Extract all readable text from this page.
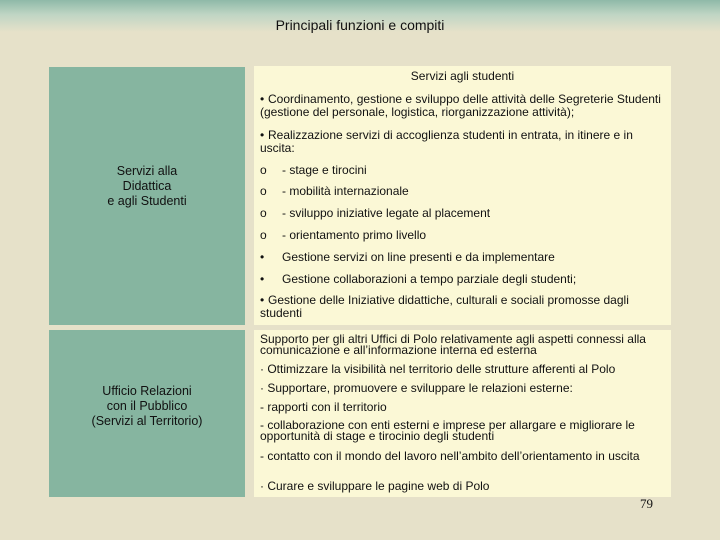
Principali funzioni e compiti
Servizi alla
Didattica
e agli Studenti
Servizi agli studenti
• Coordinamento, gestione e sviluppo delle attività delle Segreterie Studenti (gestione del personale, logistica, riorganizzazione attività);
• Realizzazione servizi di accoglienza studenti in entrata, in itinere e in uscita:
o - stage e tirocini
o - mobilità internazionale
o - sviluppo iniziative legate al placement
o - orientamento primo livello
• Gestione servizi on line presenti e da implementare
• Gestione collaborazioni a tempo parziale degli studenti;
• Gestione delle Iniziative didattiche, culturali e sociali promosse dagli studenti
Ufficio Relazioni
con il Pubblico
(Servizi al Territorio)
Supporto per gli altri Uffici di Polo relativamente agli aspetti connessi alla comunicazione e all’informazione interna ed esterna
· Ottimizzare la visibilità nel territorio delle strutture afferenti al Polo
· Supportare, promuovere e sviluppare le relazioni esterne:
- rapporti con il territorio
- collaborazione con enti esterni e imprese per allargare e migliorare le opportunità di stage e tirocinio degli studenti
- contatto con il mondo del lavoro nell’ambito dell’orientamento in uscita
· Curare e sviluppare le pagine web di Polo
79
